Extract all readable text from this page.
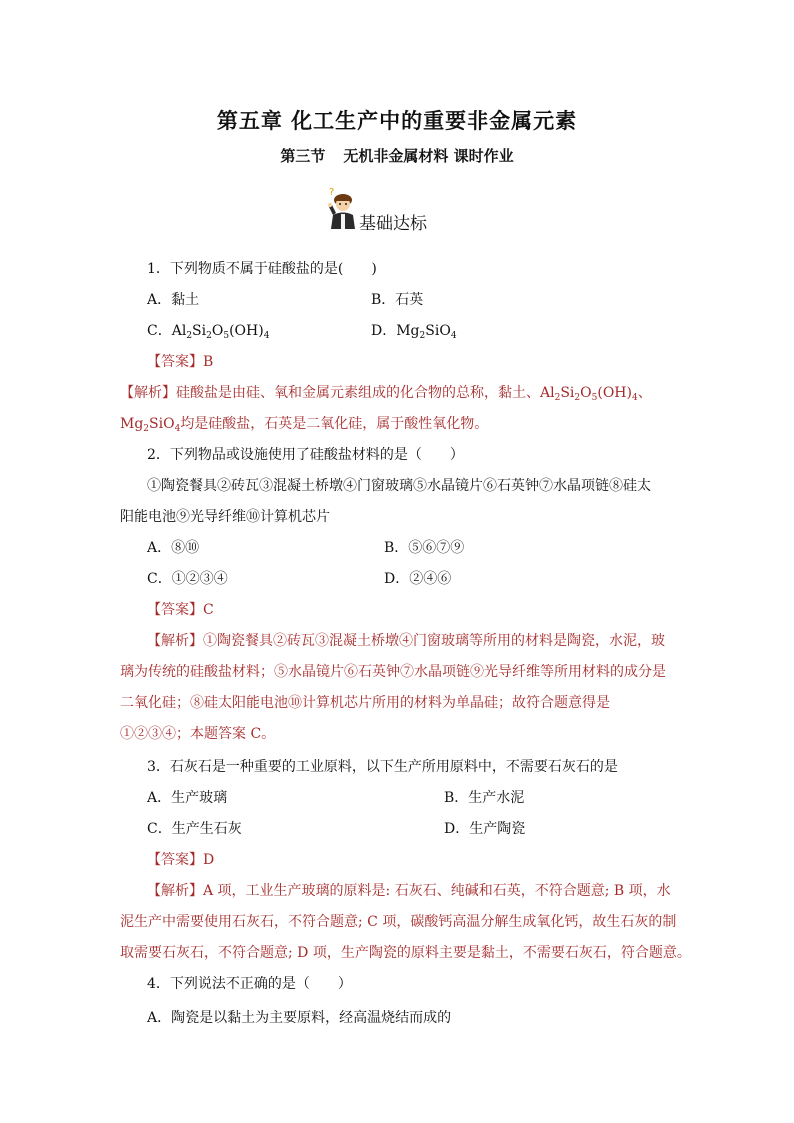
第五章 化工生产中的重要非金属元素
第三节 无机非金属材料 课时作业
?
基础达标
1．下列物质不属于硅酸盐的是(　　)
A．黏土	B．石英
C．$Al_2Si_2O_5(OH)_4$	D．$Mg_2SiO_4$
【答案】B
【解析】硅酸盐是由硅、氧和金属元素组成的化合物的总称，黏土、$Al_2Si_2O_5(OH)_4$、
$Mg_2SiO_4$均是硅酸盐，石英是二氧化硅，属于酸性氧化物。
2．下列物品或设施使用了硅酸盐材料的是（　　）
①陶瓷餐具②砖瓦③混凝土桥墩④门窗玻璃⑤水晶镜片⑥石英钟⑦水晶项链⑧硅太
阳能电池⑨光导纤维⑩计算机芯片
A．⑧⑩	B．⑤⑥⑦⑨
C．①②③④	D．②④⑥
【答案】C
【解析】①陶瓷餐具②砖瓦③混凝土桥墩④门窗玻璃等所用的材料是陶瓷，水泥，玻
璃为传统的硅酸盐材料；⑤水晶镜片⑥石英钟⑦水晶项链⑨光导纤维等所用材料的成分是
二氧化硅；⑧硅太阳能电池⑩计算机芯片所用的材料为单晶硅；故符合题意得是
①②③④；本题答案 C。
3．石灰石是一种重要的工业原料，以下生产所用原料中，不需要石灰石的是
A．生产玻璃	B．生产水泥
C．生产生石灰	D．生产陶瓷
【答案】D
【解析】A 项，工业生产玻璃的原料是: 石灰石、纯碱和石英，不符合题意; B 项，水
泥生产中需要使用石灰石，不符合题意; C 项，碳酸钙高温分解生成氧化钙，故生石灰的制
取需要石灰石，不符合题意; D 项，生产陶瓷的原料主要是黏土，不需要石灰石，符合题意。
4．下列说法不正确的是（　　）
A．陶瓷是以黏土为主要原料，经高温烧结而成的
